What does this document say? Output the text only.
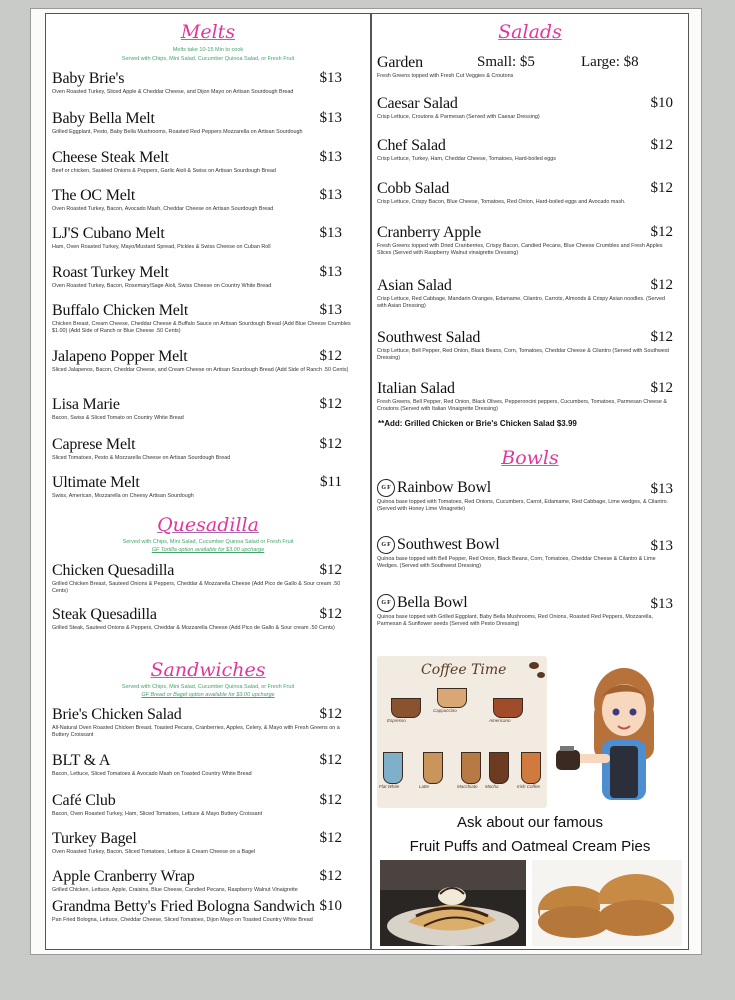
Melts
Melts take 10-15 Min to cook
Served with Chips, Mini Salad, Cucumber Quinoa Salad, or Fresh Fruit
Baby Brie's	$13
Oven Roasted Turkey, Sliced Apple & Cheddar Cheese, and Dijon Mayo on Artisan Sourdough Bread
Baby Bella Melt	$13
Grilled Eggplant, Pesto, Baby Bella Mushrooms, Roasted Red Peppers Mozzarella on Artisan Sourdough
Cheese Steak Melt	$13
Beef or chicken, Sautéed Onions & Peppers, Garlic Aioli & Swiss on Artisan Sourdough Bread
The OC Melt	$13
Oven Roasted Turkey, Bacon, Avocado Mash, Cheddar Cheese on Artisan Sourdough Bread
LJ'S Cubano Melt	$13
Ham, Oven Roasted Turkey, Mayo/Mustard Spread, Pickles & Swiss Cheese on Cuban Roll
Roast Turkey Melt	$13
Oven Roasted Turkey, Bacon, Rosemary/Sage Aioli, Swiss Cheese on Country White Bread
Buffalo Chicken Melt	$13
Chicken Breast, Cream Cheese, Cheddar Cheese & Buffalo Sauce on Artisan Sourdough Bread (Add Blue Cheese Crumbles $1.00) (Add Side of Ranch or Blue Cheese .50 Cents)
Jalapeno Popper Melt	$12
Sliced Jalapenos, Bacon, Cheddar Cheese, and Cream Cheese on Artisan Sourdough Bread (Add Side of Ranch .50 Cents)
Lisa Marie	$12
Bacon, Swiss & Sliced Tomato on Country White Bread
Caprese Melt	$12
Sliced Tomatoes, Pesto & Mozzarella Cheese on Artisan Sourdough Bread
Ultimate Melt	$11
Swiss, American, Mozzarella on Cheesy Artisan Sourdough
Quesadilla
Served with Chips, Mini Salad, Cucumber Quinoa Salad or Fresh Fruit
GF Tortilla option available for $3.00 upcharge
Chicken Quesadilla	$12
Grilled Chicken Breast, Sauteed Onions & Peppers, Cheddar & Mozzarella Cheese (Add Pico de Gallo & Sour cream .50 Cents)
Steak Quesadilla	$12
Grilled Steak, Sauteed Onions & Peppers, Cheddar & Mozzarella Cheese (Add Pico de Gallo & Sour cream .50 Cents)
Sandwiches
Served with Chips, Mini Salad, Cucumber Quinoa Salad, or Fresh Fruit
GF Bread or Bagel option available for $3.00 upcharge
Brie's Chicken Salad	$12
All-Natural Oven Roasted Chicken Breast, Toasted Pecans, Cranberries, Apples, Celery, & Mayo with Fresh Greens on a Buttery Croissant
BLT & A	$12
Bacon, Lettuce, Sliced Tomatoes & Avocado Mash on Toasted Country White Bread
Café Club	$12
Bacon, Oven Roasted Turkey, Ham, Sliced Tomatoes, Lettuce & Mayo Buttery Croissant
Turkey Bagel	$12
Oven Roasted Turkey, Bacon, Sliced Tomatoes, Lettuce & Cream Cheese on a Bagel
Apple Cranberry Wrap	$12
Grilled Chicken, Lettuce, Apple, Craisins, Blue Cheese, Candied Pecans, Raspberry Walnut Vinaigrette
Grandma Betty's Fried Bologna Sandwich $10
Pan Fried Bologna, Lettuce, Cheddar Cheese, Sliced Tomatoes, Dijon Mayo on Toasted Country White Bread
Salads
Garden	Small: $5	Large: $8
Fresh Greens topped with Fresh Cut Veggies & Croutons
Caesar Salad	$10
Crisp Lettuce, Croutons & Parmesan (Served with Caesar Dressing)
Chef Salad	$12
Crisp Lettuce, Turkey, Ham, Cheddar Cheese, Tomatoes, Hard-boiled eggs
Cobb Salad	$12
Crisp Lettuce, Crispy Bacon, Blue Cheese, Tomatoes, Red Onion, Hard-boiled eggs and Avocado mash.
Cranberry Apple	$12
Fresh Greens topped with Dried Cranberries, Crispy Bacon, Candied Pecans, Blue Cheese Crumbles and Fresh Apples Slices (Served with Raspberry Walnut vinaigrette Dressing)
Asian Salad	$12
Crisp Lettuce, Red Cabbage, Mandarin Oranges, Edamame, Cilantro, Carrots, Almonds & Crispy Asian noodles. (Served with Asian Dressing)
Southwest Salad	$12
Crisp Lettuce, Bell Pepper, Red Onion, Black Beans, Corn, Tomatoes, Cheddar Cheese & Cilantro (Served with Southwest Dressing)
Italian Salad	$12
Fresh Greens, Bell Pepper, Red Onion, Black Olives, Pepperoncini peppers, Cucumbers, Tomatoes, Parmesan Cheese & Croutons (Served with Italian Vinaigrette Dressing)
**Add: Grilled Chicken or Brie's Chicken Salad $3.99
Bowls
G F Rainbow Bowl	$13
Quinoa base topped with Tomatoes, Red Onions, Cucumbers, Carrot, Edamame, Red Cabbage, Lime wedges, & Cilantro. (Served with Honey Lime Vinagrette)
G F Southwest Bowl	$13
Quinoa base topped with Bell Pepper, Red Onion, Black Beans, Corn, Tomatoes, Cheddar Cheese & Cilantro & Lime Wedges. (Served with Southwest Dressing)
G F Bella Bowl	$13
Quinoa base topped with Grilled Eggplant, Baby Bella Mushrooms, Red Onions, Roasted Red Peppers, Mozzarella, Parmesan & Sunflower seeds (Served with Pesto Dressing)
Coffee Time
Espresso
Cappuccino
Americano
Flat White	Latte	Macchiato Mocha	Irish Coffee
Ask about our famous
Fruit Puffs and Oatmeal Cream Pies
